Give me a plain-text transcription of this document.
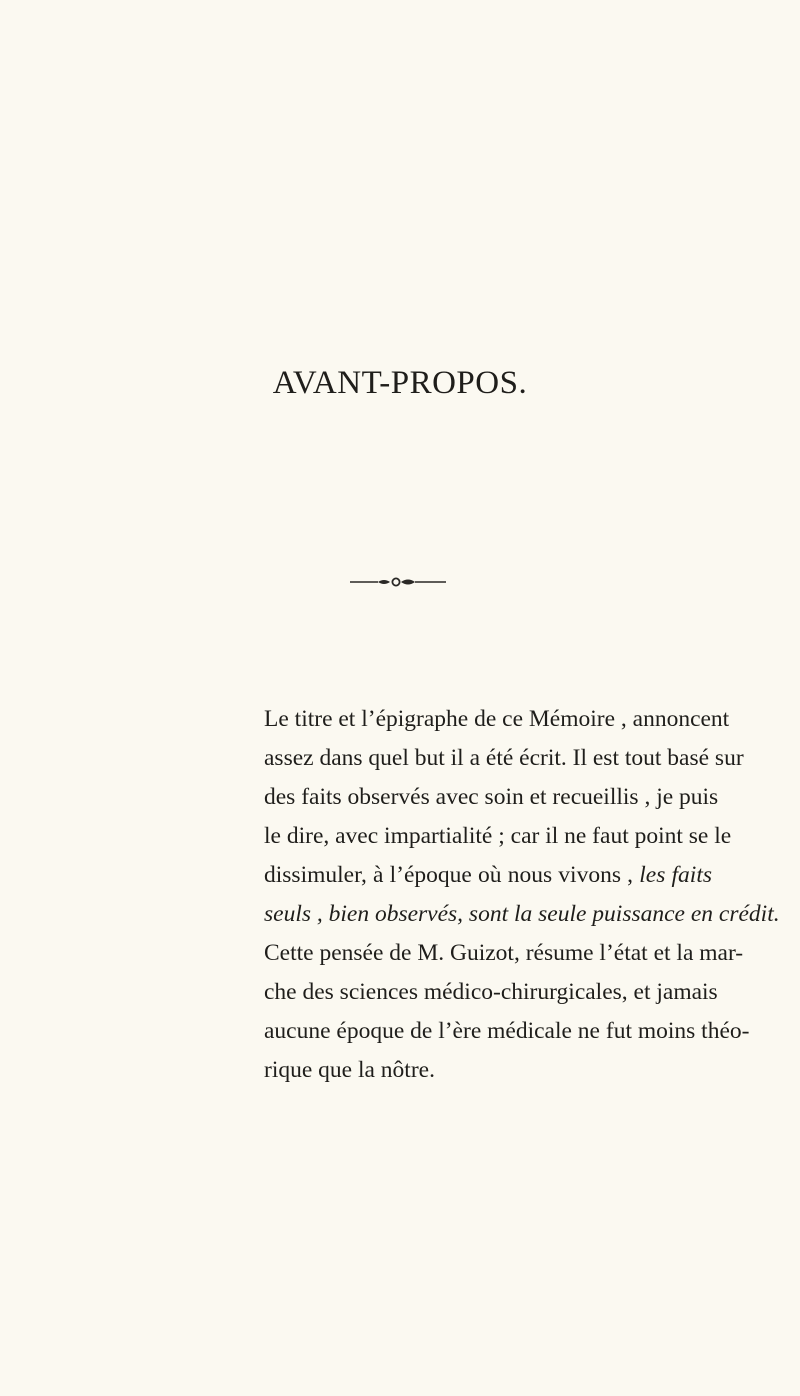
AVANT-PROPOS.
Le titre et l’épigraphe de ce Mémoire , annoncent
assez dans quel but il a été écrit. Il est tout basé sur
des faits observés avec soin et recueillis , je puis
le dire, avec impartialité ; car il ne faut point se le
dissimuler, à l’époque où nous vivons , les faits
seuls , bien observés, sont la seule puissance en crédit.
Cette pensée de M. Guizot, résume l’état et la mar-
che des sciences médico-chirurgicales, et jamais
aucune époque de l’ère médicale ne fut moins théo-
rique que la nôtre.
